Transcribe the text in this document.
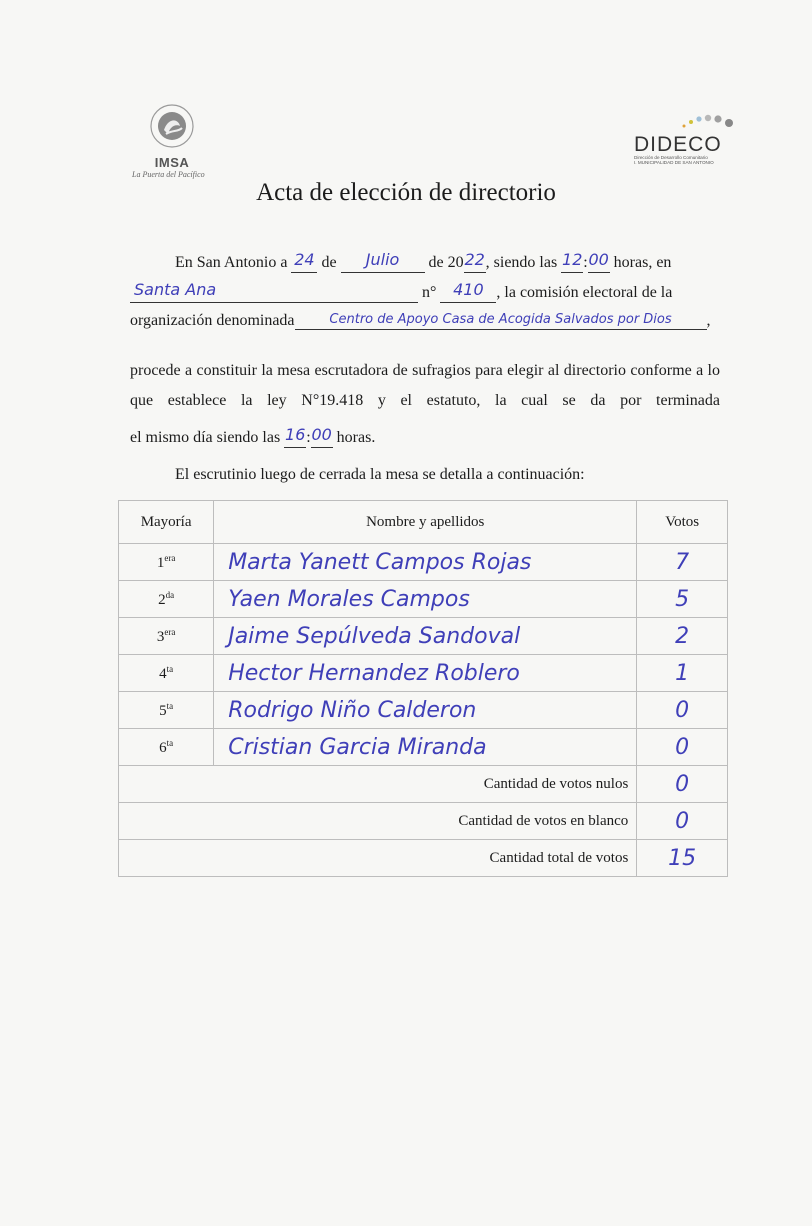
IMSA
La Puerta del Pacífico
DIDECO
Dirección de Desarrollo Comunitario
I. MUNICIPALIDAD DE SAN ANTONIO
Acta de elección de directorio
En San Antonio a 24 de Julio de 2022, siendo las 12:00 horas, en
Santa Ana	n° 410 , la comisión electoral de la
organización denominada	Centro de Apoyo Casa de Acogida Salvados por Dios ,
procede a constituir la mesa escrutadora de sufragios para elegir al directorio conforme a lo que establece la ley N°19.418 y el estatuto, la cual se da por terminada
el mismo día siendo las 16:00 horas.
El escrutinio luego de cerrada la mesa se detalla a continuación:
Mayoría	Nombre y apellidos	Votos
$1^{era}$	Marta Yanett Campos Rojas	7
$2^{da}$	Yaen Morales Campos	5
$3^{era}$	Jaime Sepúlveda Sandoval	2
$4^{ta}$	Hector Hernandez Roblero	1
$5^{ta}$	Rodrigo Niño Calderon	0
$6^{ta}$	Cristian Garcia Miranda	0
Cantidad de votos nulos		0
Cantidad de votos en blanco		0
Cantidad total de votos		15
